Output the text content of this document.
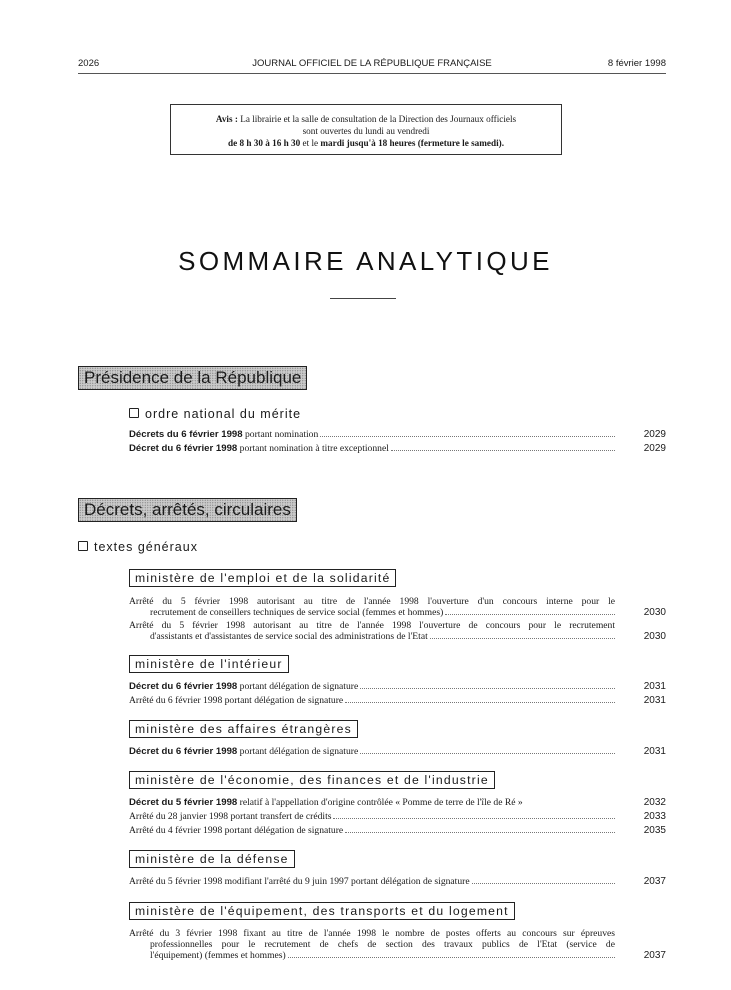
2026	JOURNAL OFFICIEL DE LA RÉPUBLIQUE FRANÇAISE	8 février 1998
Avis : La librairie et la salle de consultation de la Direction des Journaux officiels
sont ouvertes du lundi au vendredi
de 8 h 30 à 16 h 30 et le mardi jusqu'à 18 heures (fermeture le samedi).
SOMMAIRE ANALYTIQUE
Présidence de la République
ordre national du mérite
Décrets du 6 février 1998 portant nomination	2029
Décret du 6 février 1998 portant nomination à titre exceptionnel	2029
Décrets, arrêtés, circulaires
textes généraux
ministère de l'emploi et de la solidarité
Arrêté du 5 février 1998 autorisant au titre de l'année 1998 l'ouverture d'un concours interne pour le
recrutement de conseillers techniques de service social (femmes et hommes)	2030
Arrêté du 5 février 1998 autorisant au titre de l'année 1998 l'ouverture de concours pour le recrutement
d'assistants et d'assistantes de service social des administrations de l'Etat	2030
ministère de l'intérieur
Décret du 6 février 1998 portant délégation de signature	2031
Arrêté du 6 février 1998 portant délégation de signature	2031
ministère des affaires étrangères
Décret du 6 février 1998 portant délégation de signature	2031
ministère de l'économie, des finances et de l'industrie
Décret du 5 février 1998 relatif à l'appellation d'origine contrôlée « Pomme de terre de l'île de Ré »	2032
Arrêté du 28 janvier 1998 portant transfert de crédits	2033
Arrêté du 4 février 1998 portant délégation de signature	2035
ministère de la défense
Arrêté du 5 février 1998 modifiant l'arrêté du 9 juin 1997 portant délégation de signature	2037
ministère de l'équipement, des transports et du logement
Arrêté du 3 février 1998 fixant au titre de l'année 1998 le nombre de postes offerts au concours sur épreuves
professionnelles pour le recrutement de chefs de section des travaux publics de l'Etat (service de
l'équipement) (femmes et hommes)	2037
